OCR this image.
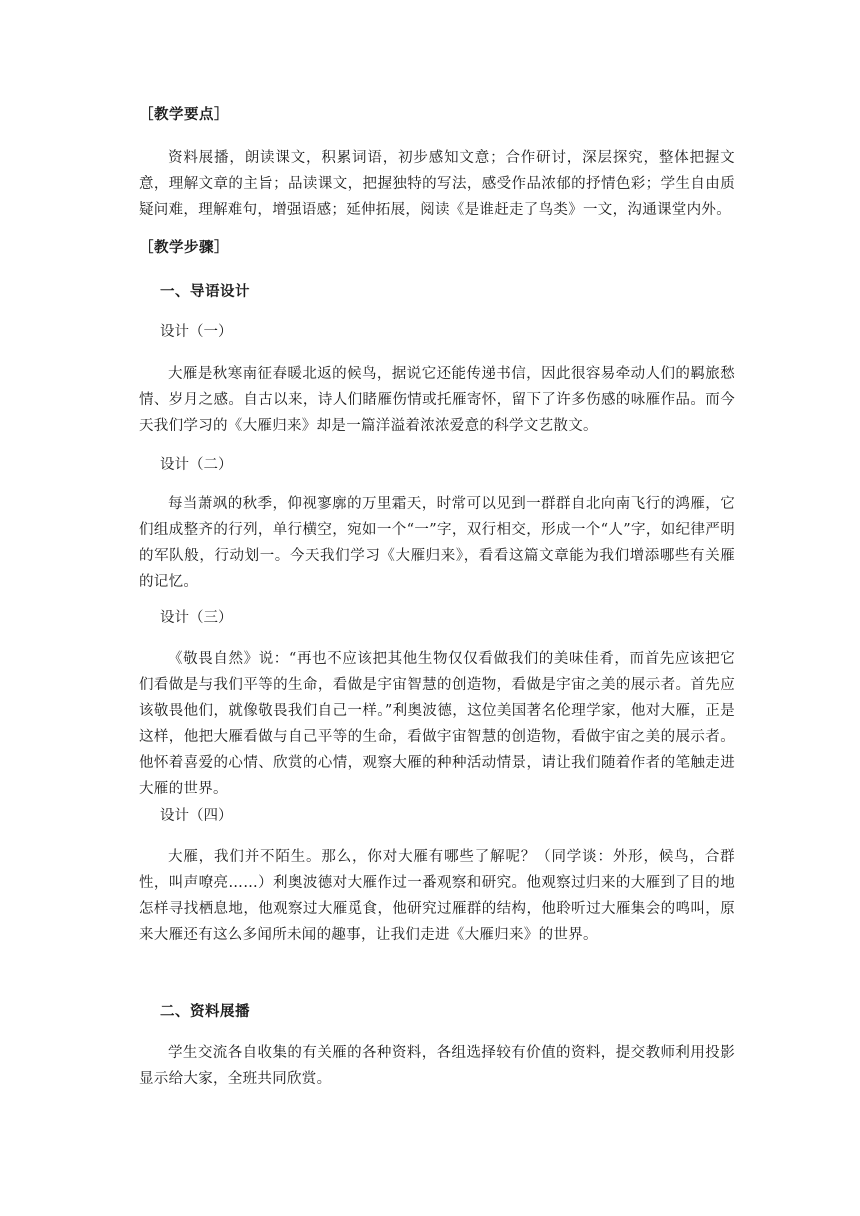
［教学要点］
资料展播，朗读课文，积累词语，初步感知文意；合作研讨，深层探究，整体把握文意，理解文章的主旨；品读课文，把握独特的写法，感受作品浓郁的抒情色彩；学生自由质疑问难，理解难句，增强语感；延伸拓展，阅读《是谁赶走了鸟类》一文，沟通课堂内外。
［教学步骤］
一、导语设计
设计（一）
大雁是秋寒南征春暖北返的候鸟，据说它还能传递书信，因此很容易牵动人们的羁旅愁情、岁月之感。自古以来，诗人们睹雁伤情或托雁寄怀，留下了许多伤感的咏雁作品。而今天我们学习的《大雁归来》却是一篇洋溢着浓浓爱意的科学文艺散文。
设计（二）
每当萧飒的秋季，仰视寥廓的万里霜天，时常可以见到一群群自北向南飞行的鸿雁，它们组成整齐的行列，单行横空，宛如一个“一”字，双行相交，形成一个“人”字，如纪律严明的军队般，行动划一。今天我们学习《大雁归来》，看看这篇文章能为我们增添哪些有关雁的记忆。
设计（三）
《敬畏自然》说：“再也不应该把其他生物仅仅看做我们的美味佳肴，而首先应该把它们看做是与我们平等的生命，看做是宇宙智慧的创造物，看做是宇宙之美的展示者。首先应该敬畏他们，就像敬畏我们自己一样。”利奥波德，这位美国著名伦理学家，他对大雁，正是这样，他把大雁看做与自己平等的生命，看做宇宙智慧的创造物，看做宇宙之美的展示者。他怀着喜爱的心情、欣赏的心情，观察大雁的种种活动情景，请让我们随着作者的笔触走进大雁的世界。
设计（四）
大雁，我们并不陌生。那么，你对大雁有哪些了解呢？（同学谈：外形，候鸟，合群性，叫声嘹亮……）利奥波德对大雁作过一番观察和研究。他观察过归来的大雁到了目的地怎样寻找栖息地，他观察过大雁觅食，他研究过雁群的结构，他聆听过大雁集会的鸣叫，原来大雁还有这么多闻所未闻的趣事，让我们走进《大雁归来》的世界。
二、资料展播
学生交流各自收集的有关雁的各种资料，各组选择较有价值的资料，提交教师利用投影显示给大家，全班共同欣赏。
